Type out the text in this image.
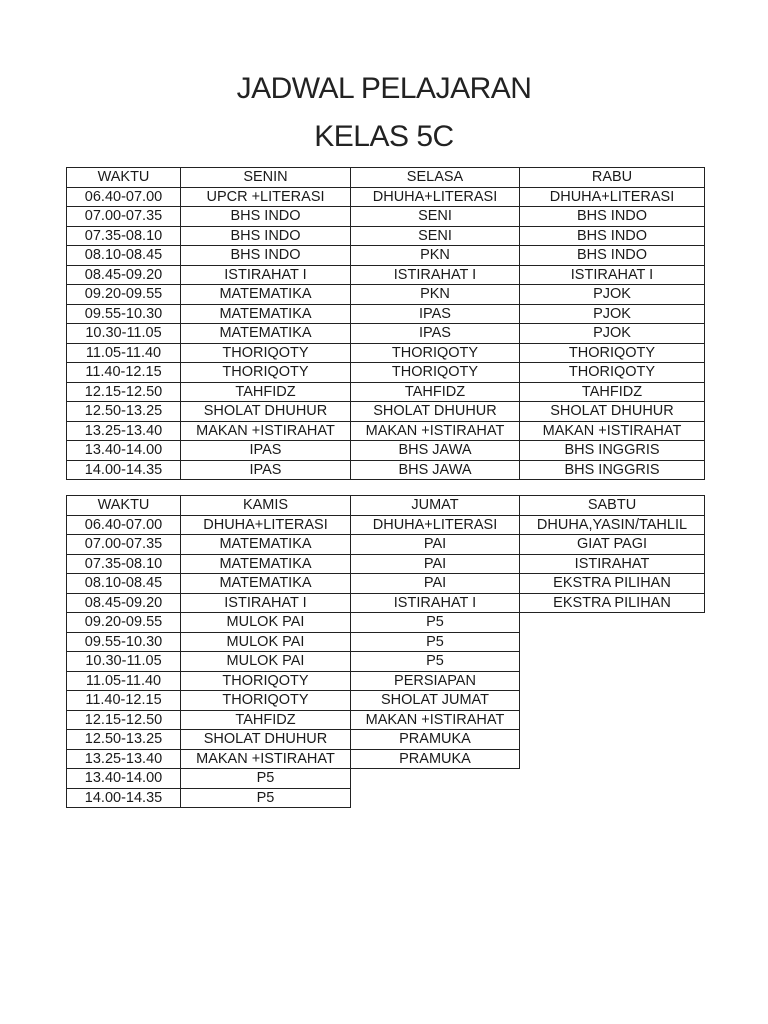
JADWAL PELAJARAN
KELAS 5C
WAKTU	SENIN	SELASA	RABU
06.40-07.00	UPCR +LITERASI	DHUHA+LITERASI	DHUHA+LITERASI
07.00-07.35	BHS INDO	SENI	BHS INDO
07.35-08.10	BHS INDO	SENI	BHS INDO
08.10-08.45	BHS INDO	PKN	BHS INDO
08.45-09.20	ISTIRAHAT I	ISTIRAHAT I	ISTIRAHAT I
09.20-09.55	MATEMATIKA	PKN	PJOK
09.55-10.30	MATEMATIKA	IPAS	PJOK
10.30-11.05	MATEMATIKA	IPAS	PJOK
11.05-11.40	THORIQOTY	THORIQOTY	THORIQOTY
11.40-12.15	THORIQOTY	THORIQOTY	THORIQOTY
12.15-12.50	TAHFIDZ	TAHFIDZ	TAHFIDZ
12.50-13.25	SHOLAT DHUHUR	SHOLAT DHUHUR	SHOLAT DHUHUR
13.25-13.40	MAKAN +ISTIRAHAT	MAKAN +ISTIRAHAT	MAKAN +ISTIRAHAT
13.40-14.00	IPAS	BHS JAWA	BHS INGGRIS
14.00-14.35	IPAS	BHS JAWA	BHS INGGRIS
WAKTU	KAMIS	JUMAT	SABTU
06.40-07.00	DHUHA+LITERASI	DHUHA+LITERASI	DHUHA,YASIN/TAHLIL
07.00-07.35	MATEMATIKA	PAI	GIAT PAGI
07.35-08.10	MATEMATIKA	PAI	ISTIRAHAT
08.10-08.45	MATEMATIKA	PAI	EKSTRA PILIHAN
08.45-09.20	ISTIRAHAT I	ISTIRAHAT I	EKSTRA PILIHAN
09.20-09.55	MULOK PAI	P5	
09.55-10.30	MULOK PAI	P5	
10.30-11.05	MULOK PAI	P5	
11.05-11.40	THORIQOTY	PERSIAPAN	
11.40-12.15	THORIQOTY	SHOLAT JUMAT	
12.15-12.50	TAHFIDZ	MAKAN +ISTIRAHAT	
12.50-13.25	SHOLAT DHUHUR	PRAMUKA	
13.25-13.40	MAKAN +ISTIRAHAT	PRAMUKA	
13.40-14.00	P5		
14.00-14.35	P5		
